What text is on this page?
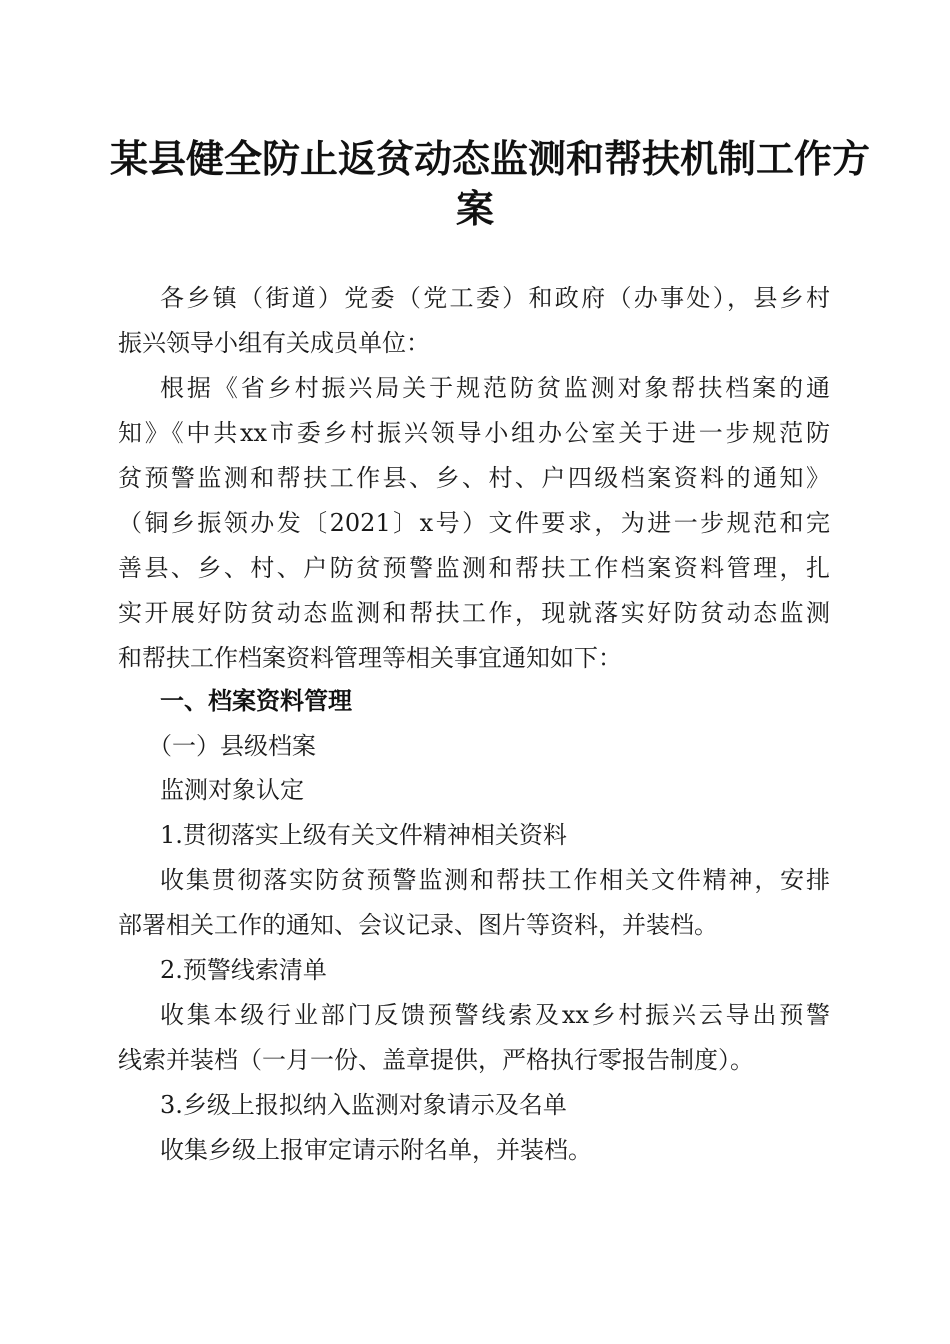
某县健全防止返贫动态监测和帮扶机制工作方
案
各乡镇（街道）党委（党工委）和政府（办事处），县乡村
振兴领导小组有关成员单位：
根据《省乡村振兴局关于规范防贫监测对象帮扶档案的通
知》《中共xx市委乡村振兴领导小组办公室关于进一步规范防
贫预警监测和帮扶工作县、乡、村、户四级档案资料的通知》
（铜乡振领办发〔2021〕x号）文件要求，为进一步规范和完
善县、乡、村、户防贫预警监测和帮扶工作档案资料管理，扎
实开展好防贫动态监测和帮扶工作，现就落实好防贫动态监测
和帮扶工作档案资料管理等相关事宜通知如下：
一、档案资料管理
（一）县级档案
监测对象认定
1.贯彻落实上级有关文件精神相关资料
收集贯彻落实防贫预警监测和帮扶工作相关文件精神，安排
部署相关工作的通知、会议记录、图片等资料，并装档。
2.预警线索清单
收集本级行业部门反馈预警线索及xx乡村振兴云导出预警
线索并装档（一月一份、盖章提供，严格执行零报告制度）。
3.乡级上报拟纳入监测对象请示及名单
收集乡级上报审定请示附名单，并装档。
